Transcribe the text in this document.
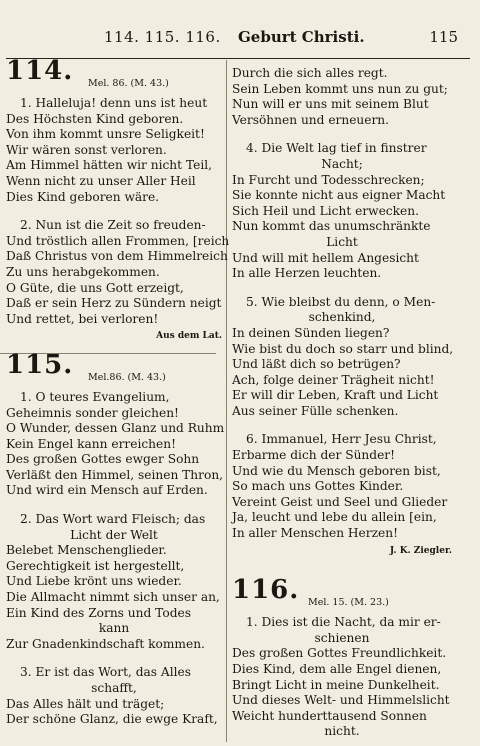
114. 115. 116. Geburt Christi.	115
114. Mel. 86. (M. 43.)
1. Halleluja! denn uns ist heut
Des Höchsten Kind geboren.
Von ihm kommt unsre Seligkeit!
Wir wären sonst verloren.
Am Himmel hätten wir nicht Teil,
Wenn nicht zu unser Aller Heil
Dies Kind geboren wäre.
2. Nun ist die Zeit so freuden-
Und tröstlich allen Frommen, [reich
Daß Christus von dem Himmelreich
Zu uns herabgekommen.
O Güte, die uns Gott erzeigt,
Daß er sein Herz zu Sündern neigt
Und rettet, bei verloren!
Aus dem Lat.
115. Mel.86. (M. 43.)
1. O teures Evangelium,
Geheimnis sonder gleichen!
O Wunder, dessen Glanz und Ruhm
Kein Engel kann erreichen!
Des großen Gottes ewger Sohn
Verläßt den Himmel, seinen Thron,
Und wird ein Mensch auf Erden.
2. Das Wort ward Fleisch; das
Licht der Welt
Belebet Menschenglieder.
Gerechtigkeit ist hergestellt,
Und Liebe krönt uns wieder.
Die Allmacht nimmt sich unser an,
Ein Kind des Zorns und Todes
kann
Zur Gnadenkindschaft kommen.
3. Er ist das Wort, das Alles
schafft,
Das Alles hält und träget;
Der schöne Glanz, die ewge Kraft,
Durch die sich alles regt.
Sein Leben kommt uns nun zu gut;
Nun will er uns mit seinem Blut
Versöhnen und erneuern.
4. Die Welt lag tief in finstrer
Nacht;
In Furcht und Todesschrecken;
Sie konnte nicht aus eigner Macht
Sich Heil und Licht erwecken.
Nun kommt das unumschränkte
Licht
Und will mit hellem Angesicht
In alle Herzen leuchten.
5. Wie bleibst du denn, o Men-
schenkind,
In deinen Sünden liegen?
Wie bist du doch so starr und blind,
Und läßt dich so betrügen?
Ach, folge deiner Trägheit nicht!
Er will dir Leben, Kraft und Licht
Aus seiner Fülle schenken.
6. Immanuel, Herr Jesu Christ,
Erbarme dich der Sünder!
Und wie du Mensch geboren bist,
So mach uns Gottes Kinder.
Vereint Geist und Seel und Glieder
Ja, leucht und lebe du allein [ein,
In aller Menschen Herzen!
J. K. Ziegler.
116. Mel. 15. (M. 23.)
1. Dies ist die Nacht, da mir er-
schienen
Des großen Gottes Freundlichkeit.
Dies Kind, dem alle Engel dienen,
Bringt Licht in meine Dunkelheit.
Und dieses Welt- und Himmelslicht
Weicht hunderttausend Sonnen
nicht.
